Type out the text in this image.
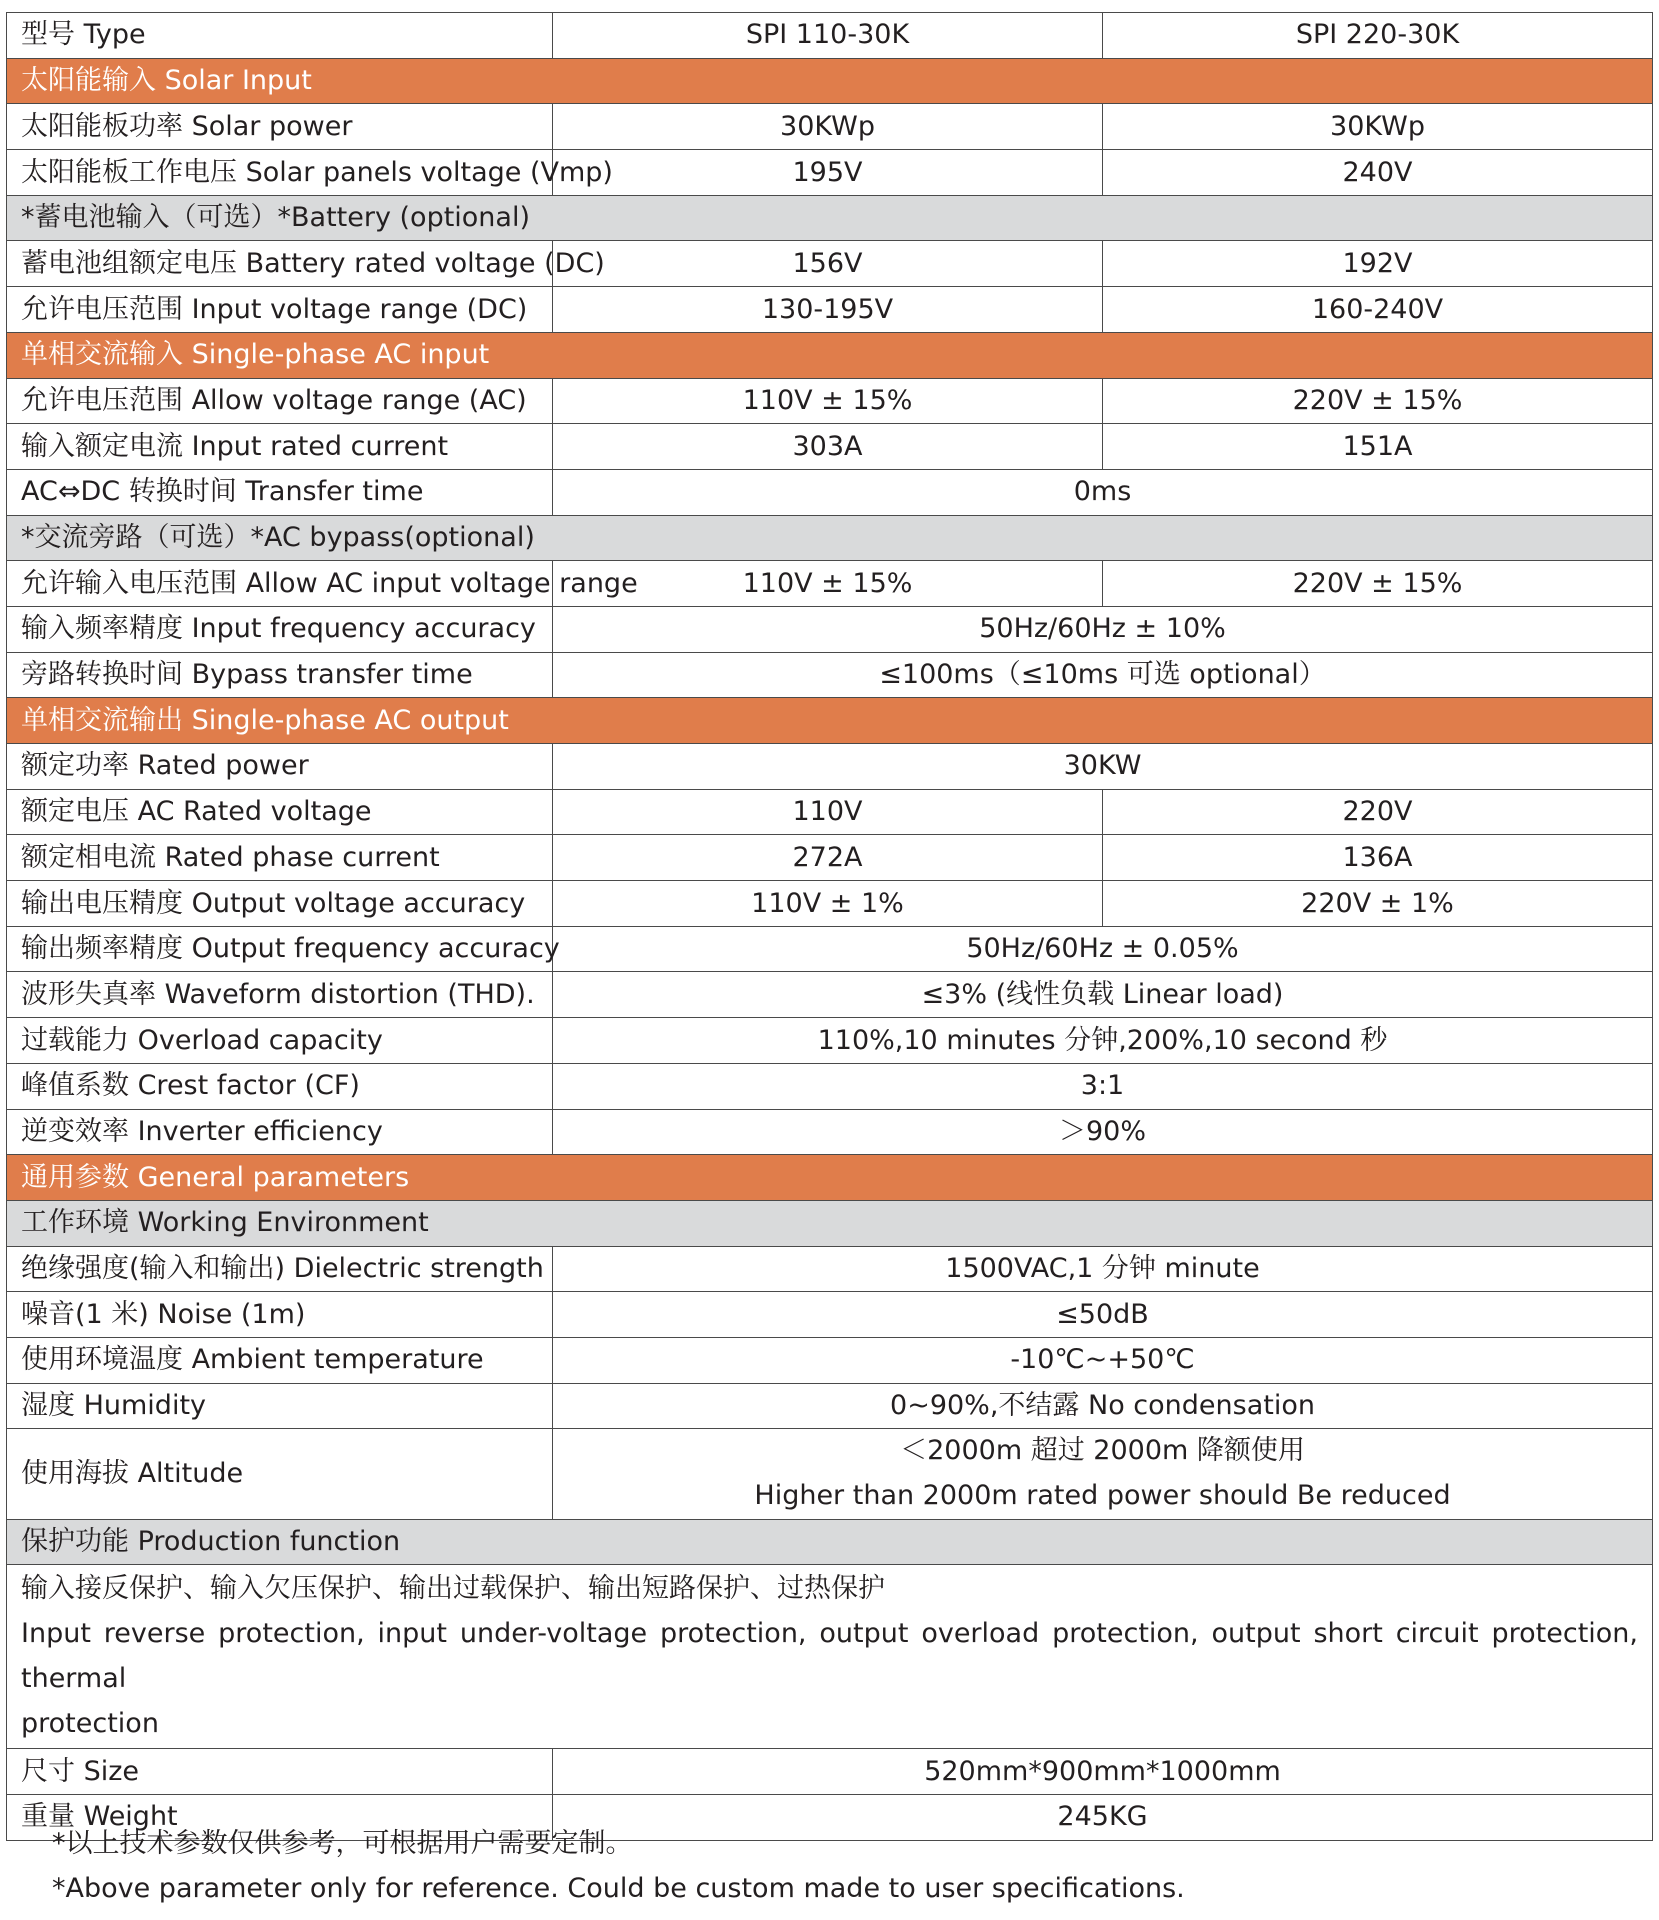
型号 Type	SPI 110-30K	SPI 220-30K
太阳能输入 Solar Input		
太阳能板功率 Solar power	30KWp	30KWp
太阳能板工作电压 Solar panels voltage (Vmp)	195V	240V
*蓄电池输入（可选）*Battery (optional)		
蓄电池组额定电压 Battery rated voltage (DC)	156V	192V
允许电压范围 Input voltage range (DC)	130-195V	160-240V
单相交流输入 Single-phase AC input		
允许电压范围 Allow voltage range (AC)	110V ± 15%	220V ± 15%
输入额定电流 Input rated current	303A	151A
AC⇔DC 转换时间 Transfer time	0ms	
*交流旁路（可选）*AC bypass(optional)		
允许输入电压范围 Allow AC input voltage range	110V ± 15%	220V ± 15%
输入频率精度 Input frequency accuracy	50Hz/60Hz ± 10%	
旁路转换时间 Bypass transfer time	≤100ms（≤10ms 可选 optional）	
单相交流输出 Single-phase AC output		
额定功率 Rated power	30KW	
额定电压 AC Rated voltage	110V	220V
额定相电流 Rated phase current	272A	136A
输出电压精度 Output voltage accuracy	110V ± 1%	220V ± 1%
输出频率精度 Output frequency accuracy	50Hz/60Hz ± 0.05%	
波形失真率 Waveform distortion (THD).	≤3% (线性负载 Linear load)	
过载能力 Overload capacity	110%,10 minutes 分钟,200%,10 second 秒	
峰值系数 Crest factor (CF)	3:1	
逆变效率 Inverter efficiency	＞90%	
通用参数 General parameters		
工作环境 Working Environment		
绝缘强度(输入和输出) Dielectric strength	1500VAC,1 分钟 minute	
噪音(1 米) Noise (1m)	≤50dB	
使用环境温度 Ambient temperature	-10℃~+50℃	
湿度 Humidity	0~90%,不结露 No condensation	
使用海拔 Altitude	＜2000m 超过 2000m 降额使用
Higher than 2000m rated power should Be reduced	

保护功能 Production function		

输入接反保护、输入欠压保护、输出过载保护、输出短路保护、过热保护
Input reverse protection, input under-voltage protection, output overload protection, output short circuit protection, thermal
protection		

尺寸 Size	520mm*900mm*1000mm	
重量 Weight	245KG	
*以上技术参数仅供参考，可根据用户需要定制。
*Above parameter only for reference. Could be custom made to user specifications.
